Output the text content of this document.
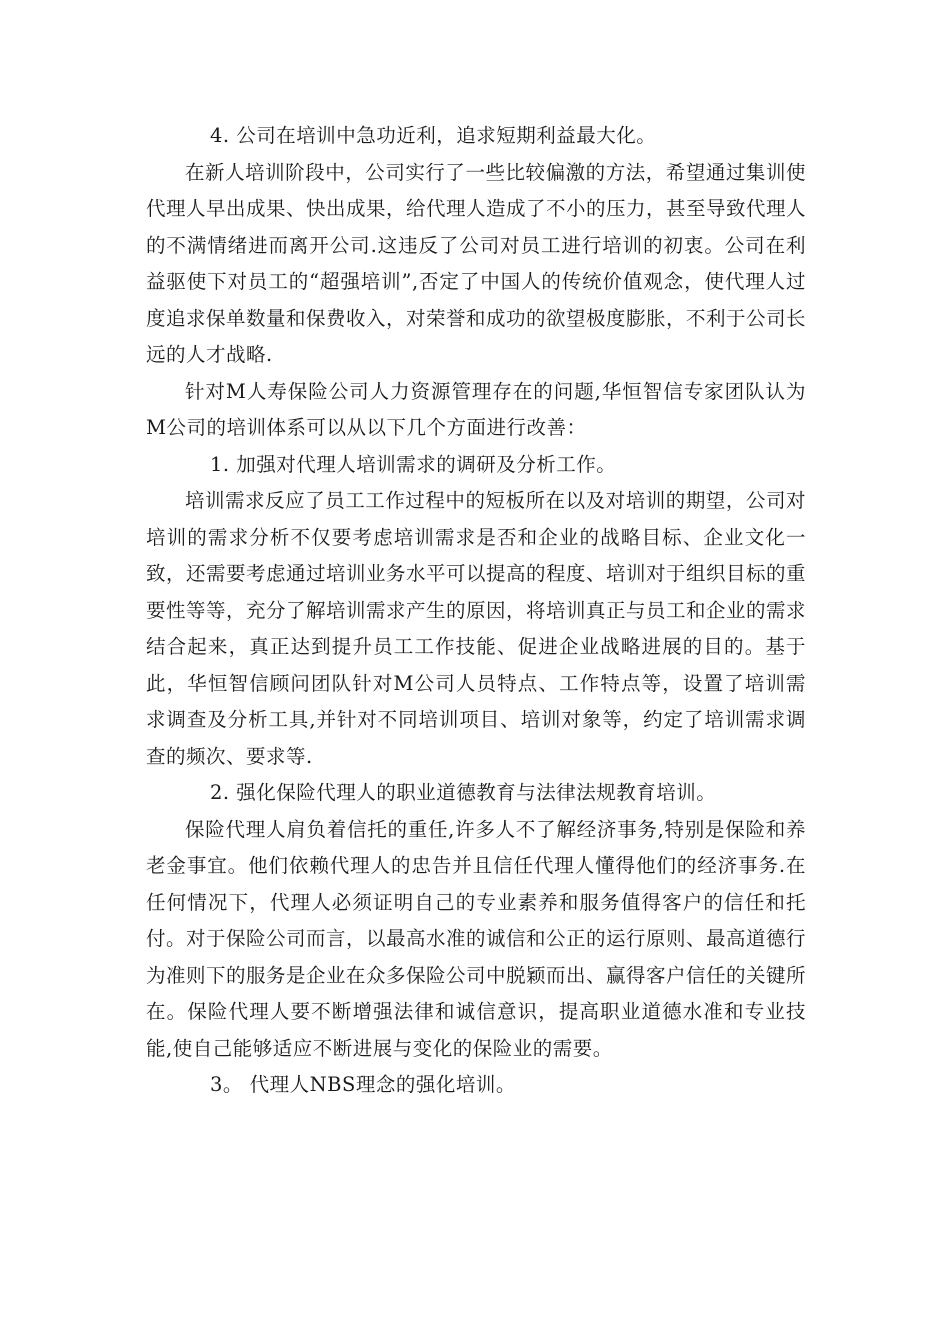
4. 公司在培训中急功近利，追求短期利益最大化。

在新人培训阶段中，公司实行了一些比较偏激的方法，希望通过集训使代理人早出成果、快出成果，给代理人造成了不小的压力，甚至导致代理人的不满情绪进而离开公司.这违反了公司对员工进行培训的初衷。公司在利益驱使下对员工的“超强培训”,否定了中国人的传统价值观念，使代理人过度追求保单数量和保费收入，对荣誉和成功的欲望极度膨胀，不利于公司长远的人才战略.

针对M人寿保险公司人力资源管理存在的问题,华恒智信专家团队认为M公司的培训体系可以从以下几个方面进行改善：

1. 加强对代理人培训需求的调研及分析工作。

培训需求反应了员工工作过程中的短板所在以及对培训的期望，公司对培训的需求分析不仅要考虑培训需求是否和企业的战略目标、企业文化一致，还需要考虑通过培训业务水平可以提高的程度、培训对于组织目标的重要性等等，充分了解培训需求产生的原因，将培训真正与员工和企业的需求结合起来，真正达到提升员工工作技能、促进企业战略进展的目的。基于此，华恒智信顾问团队针对M公司人员特点、工作特点等，设置了培训需求调查及分析工具,并针对不同培训项目、培训对象等，约定了培训需求调查的频次、要求等.

2. 强化保险代理人的职业道德教育与法律法规教育培训。

保险代理人肩负着信托的重任,许多人不了解经济事务,特别是保险和养老金事宜。他们依赖代理人的忠告并且信任代理人懂得他们的经济事务.在任何情况下，代理人必须证明自己的专业素养和服务值得客户的信任和托付。对于保险公司而言，以最高水准的诚信和公正的运行原则、最高道德行为准则下的服务是企业在众多保险公司中脱颖而出、赢得客户信任的关键所在。保险代理人要不断增强法律和诚信意识，提高职业道德水准和专业技能,使自己能够适应不断进展与变化的保险业的需要。

3。 代理人NBS理念的强化培训。
